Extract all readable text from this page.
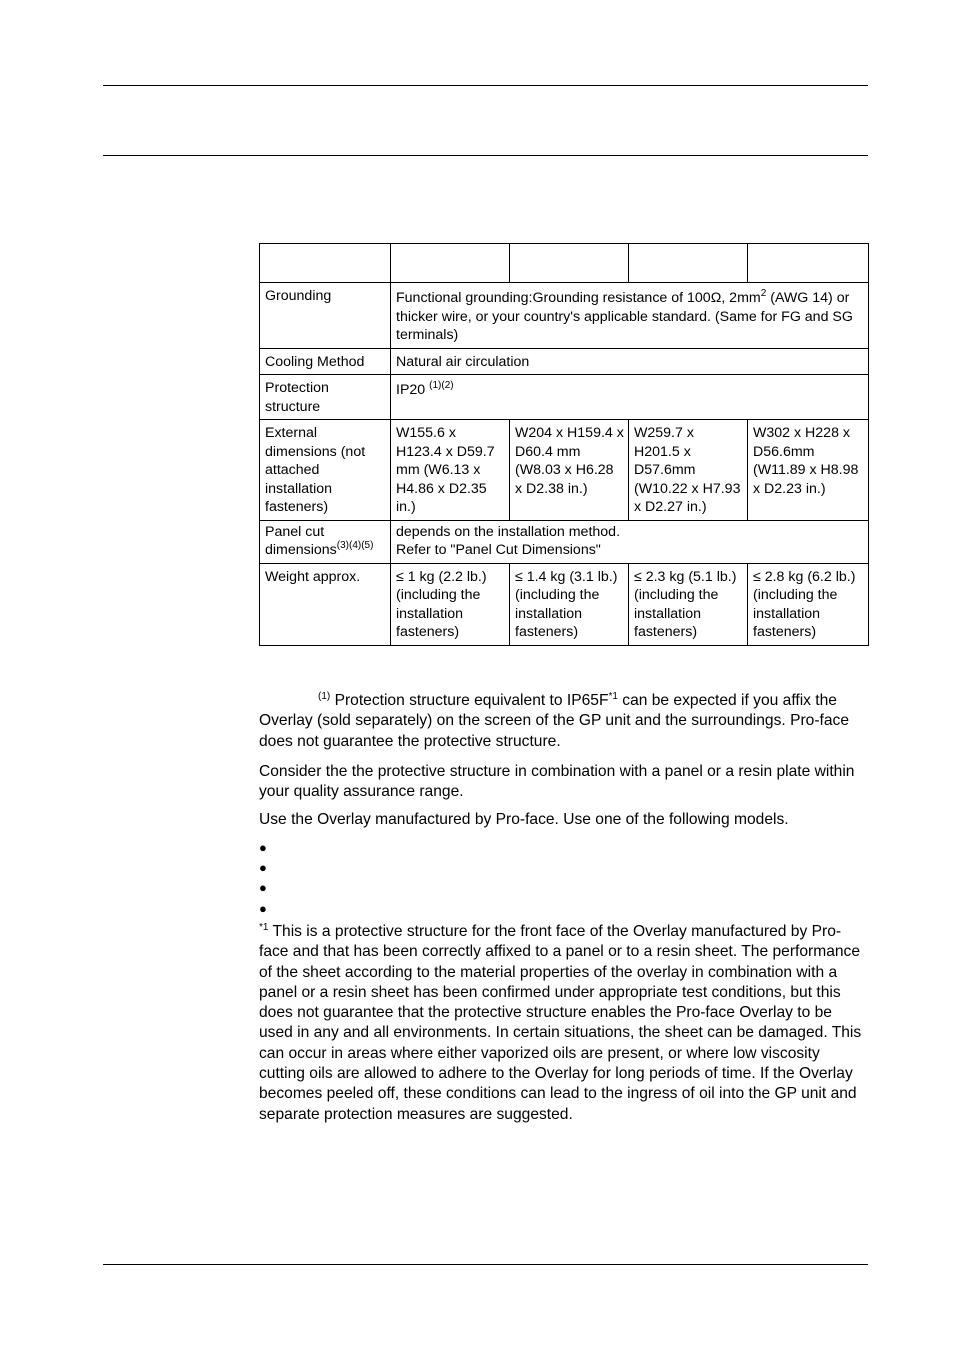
Grounding	Functional grounding:Grounding resistance of 100Ω, $2mm^2$ (AWG 14) or thicker wire, or your country's applicable standard. (Same for FG and SG terminals)			
Cooling Method	Natural air circulation			
Protection structure	IP20 $^{(1)(2)}$
External dimensions (not attached installation fasteners)	W155.6 x H123.4 x D59.7 mm (W6.13 x H4.86 x D2.35 in.)	W204 x H159.4 x D60.4 mm (W8.03 x H6.28 x D2.38 in.)	W259.7 x H201.5 x D57.6mm (W10.22 x H7.93 x D2.27 in.)	W302 x H228 x D56.6mm (W11.89 x H8.98 x D2.23 in.)
Panel cut dimensions$^{(3)(4)(5)}$	depends on the installation method.
Refer to "Panel Cut Dimensions"			

Weight approx.	≤ 1 kg (2.2 lb.) (including the installation fasteners)	≤ 1.4 kg (3.1 lb.) (including the installation fasteners)	≤ 2.3 kg (5.1 lb.) (including the installation fasteners)	≤ 2.8 kg (6.2 lb.) (including the installation fasteners)

$^{(1)}$ Protection structure equivalent to $IP65F^{*1}$ can be expected if you affix the Overlay (sold separately) on the screen of the GP unit and the surroundings. Pro-face does not guarantee the protective structure.

Consider the the protective structure in combination with a panel or a resin plate within your quality assurance range.
Use the Overlay manufactured by Pro-face. Use one of the following models.
●
●
●
●

$^{*1}$ This is a protective structure for the front face of the Overlay manufactured by Pro-face and that has been correctly affixed to a panel or to a resin sheet. The performance of the sheet according to the material properties of the overlay in combination with a panel or a resin sheet has been confirmed under appropriate test conditions, but this does not guarantee that the protective structure enables the Pro-face Overlay to be used in any and all environments. In certain situations, the sheet can be damaged. This can occur in areas where either vaporized oils are present, or where low viscosity cutting oils are allowed to adhere to the Overlay for long periods of time. If the Overlay becomes peeled off, these conditions can lead to the ingress of oil into the GP unit and separate protection measures are suggested.
